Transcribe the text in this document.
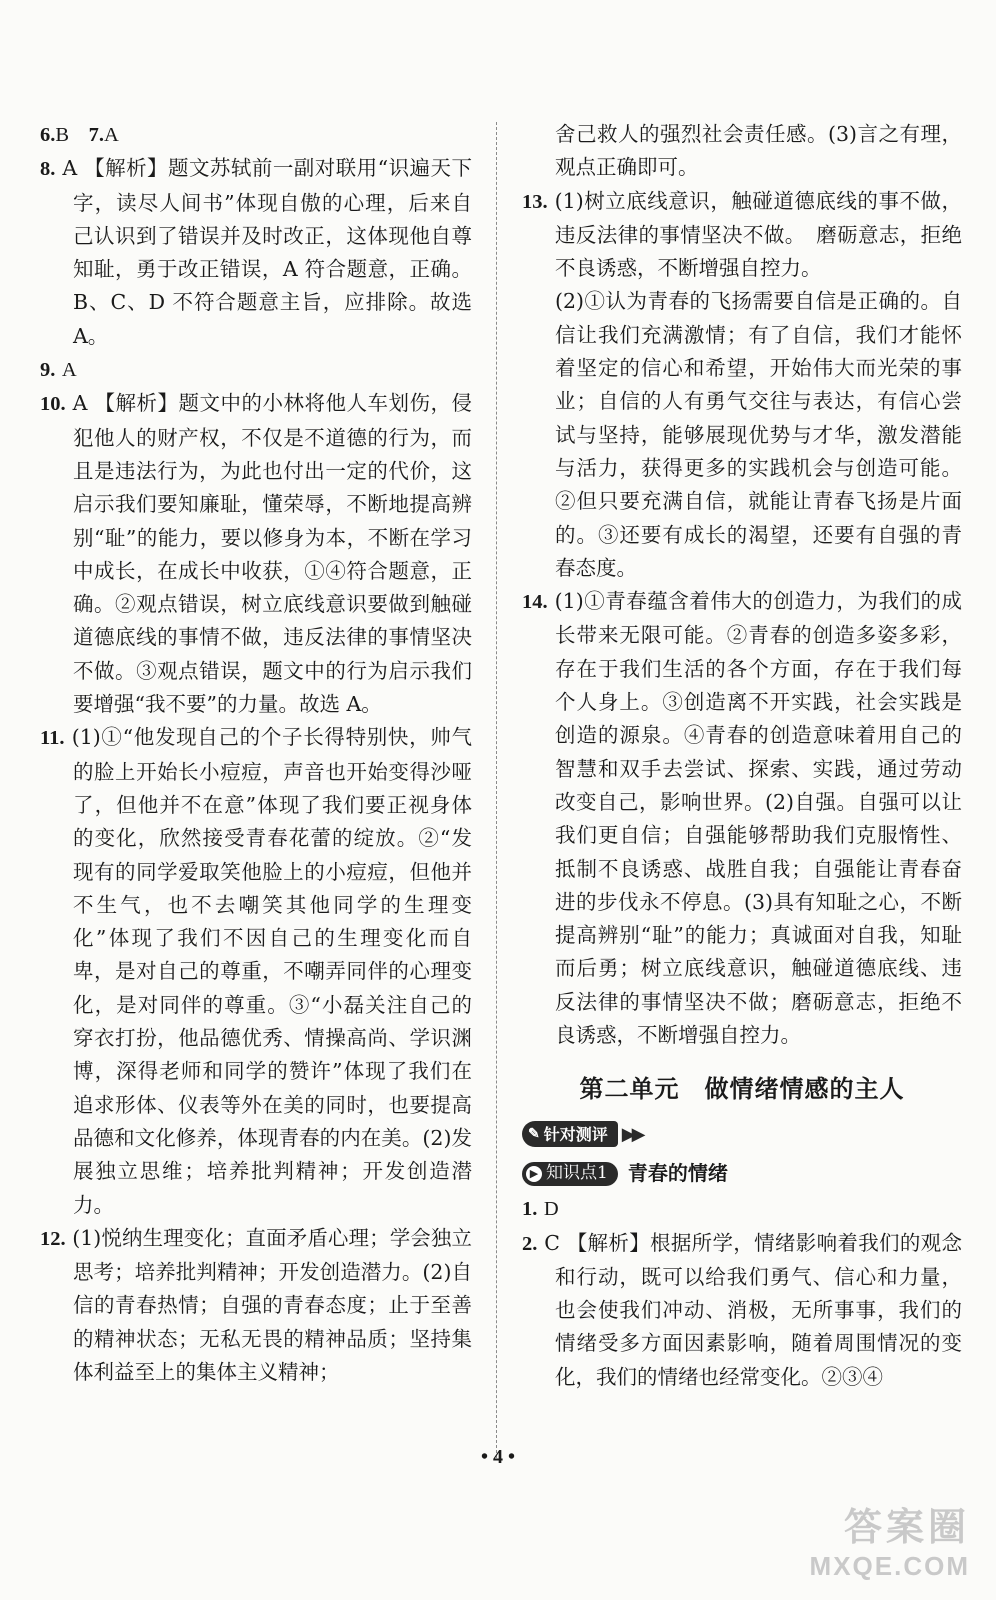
6.B 7.A

8. A 【解析】题文苏轼前一副对联用“识遍天下字，读尽人间书”体现自傲的心理，后来自己认识到了错误并及时改正，这体现他自尊知耻，勇于改正错误，A 符合题意，正确。B、C、D 不符合题意主旨，应排除。故选 A。

9. A

10. A 【解析】题文中的小林将他人车划伤，侵犯他人的财产权，不仅是不道德的行为，而且是违法行为，为此也付出一定的代价，这启示我们要知廉耻，懂荣辱，不断地提高辨别“耻”的能力，要以修身为本，不断在学习中成长，在成长中收获，①④符合题意，正确。②观点错误，树立底线意识要做到触碰道德底线的事情不做，违反法律的事情坚决不做。③观点错误，题文中的行为启示我们要增强“我不要”的力量。故选 A。

11. (1)①“他发现自己的个子长得特别快，帅气的脸上开始长小痘痘，声音也开始变得沙哑了，但他并不在意”体现了我们要正视身体的变化，欣然接受青春花蕾的绽放。②“发现有的同学爱取笑他脸上的小痘痘，但他并不生气，也不去嘲笑其他同学的生理变化”体现了我们不因自己的生理变化而自卑，是对自己的尊重，不嘲弄同伴的心理变化，是对同伴的尊重。③“小磊关注自己的穿衣打扮，他品德优秀、情操高尚、学识渊博，深得老师和同学的赞许”体现了我们在追求形体、仪表等外在美的同时，也要提高品德和文化修养，体现青春的内在美。(2)发展独立思维；培养批判精神；开发创造潜力。

12. (1)悦纳生理变化；直面矛盾心理；学会独立思考；培养批判精神；开发创造潜力。(2)自信的青春热情；自强的青春态度；止于至善的精神状态；无私无畏的精神品质；坚持集体利益至上的集体主义精神；

舍己救人的强烈社会责任感。(3)言之有理，观点正确即可。

13. (1)树立底线意识，触碰道德底线的事不做，违反法律的事情坚决不做。　磨砺意志，拒绝不良诱惑，不断增强自控力。

(2)①认为青春的飞扬需要自信是正确的。自信让我们充满激情；有了自信，我们才能怀着坚定的信心和希望，开始伟大而光荣的事业；自信的人有勇气交往与表达，有信心尝试与坚持，能够展现优势与才华，激发潜能与活力，获得更多的实践机会与创造可能。②但只要充满自信，就能让青春飞扬是片面的。③还要有成长的渴望，还要有自强的青春态度。

14. (1)①青春蕴含着伟大的创造力，为我们的成长带来无限可能。②青春的创造多姿多彩，存在于我们生活的各个方面，存在于我们每个人身上。③创造离不开实践，社会实践是创造的源泉。④青春的创造意味着用自己的智慧和双手去尝试、探索、实践，通过劳动改变自己，影响世界。(2)自强。自强可以让我们更自信；自强能够帮助我们克服惰性、抵制不良诱惑、战胜自我；自强能让青春奋进的步伐永不停息。(3)具有知耻之心，不断提高辨别“耻”的能力；真诚面对自我，知耻而后勇；树立底线意识，触碰道德底线、违反法律的事情坚决不做；磨砺意志，拒绝不良诱惑，不断增强自控力。

第二单元　做情绪情感的主人
✎ 针对测评 ▶▶
▶ 知识点1 青春的情绪

1. D

2. C 【解析】根据所学，情绪影响着我们的观念和行动，既可以给我们勇气、信心和力量，也会使我们冲动、消极，无所事事，我们的情绪受多方面因素影响，随着周围情况的变化，我们的情绪也经常变化。②③④

• 4 •
答案圈
MXQE.COM
